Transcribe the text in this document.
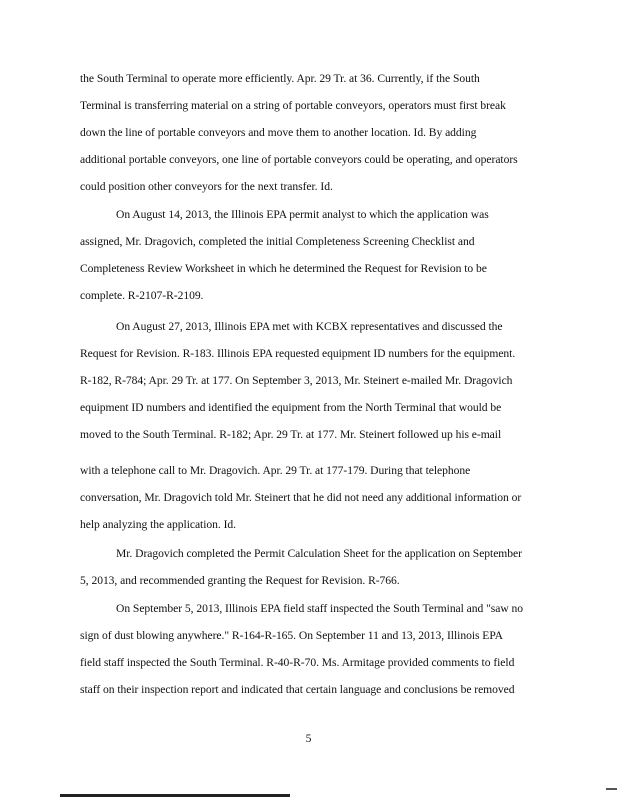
the South Terminal to operate more efficiently. Apr. 29 Tr. at 36. Currently, if the South
Terminal is transferring material on a string of portable conveyors, operators must first break
down the line of portable conveyors and move them to another location. Id. By adding
additional portable conveyors, one line of portable conveyors could be operating, and operators
could position other conveyors for the next transfer. Id.
On August 14, 2013, the Illinois EPA permit analyst to which the application was
assigned, Mr. Dragovich, completed the initial Completeness Screening Checklist and
Completeness Review Worksheet in which he determined the Request for Revision to be
complete. R-2107-R-2109.
On August 27, 2013, Illinois EPA met with KCBX representatives and discussed the
Request for Revision. R-183. Illinois EPA requested equipment ID numbers for the equipment.
R-182, R-784; Apr. 29 Tr. at 177. On September 3, 2013, Mr. Steinert e-mailed Mr. Dragovich
equipment ID numbers and identified the equipment from the North Terminal that would be
moved to the South Terminal. R-182; Apr. 29 Tr. at 177. Mr. Steinert followed up his e-mail
with a telephone call to Mr. Dragovich. Apr. 29 Tr. at 177-179. During that telephone
conversation, Mr. Dragovich told Mr. Steinert that he did not need any additional information or
help analyzing the application. Id.
Mr. Dragovich completed the Permit Calculation Sheet for the application on September
5, 2013, and recommended granting the Request for Revision. R-766.
On September 5, 2013, Illinois EPA field staff inspected the South Terminal and "saw no
sign of dust blowing anywhere." R-164-R-165. On September 11 and 13, 2013, Illinois EPA
field staff inspected the South Terminal. R-40-R-70. Ms. Armitage provided comments to field
staff on their inspection report and indicated that certain language and conclusions be removed
5
